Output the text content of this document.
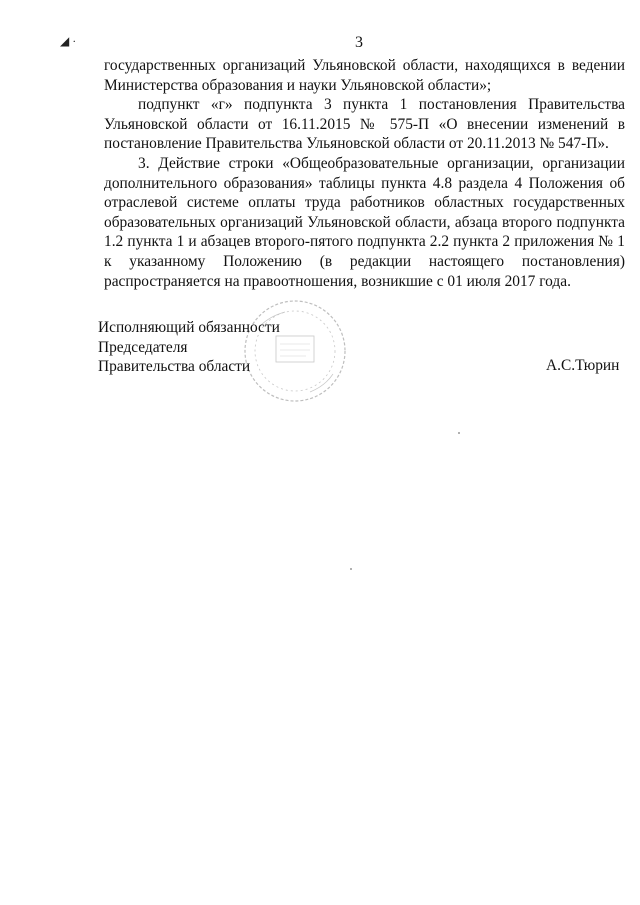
◢ ·	3

государственных организаций Ульяновской области, находящихся в ведении Министерства образования и науки Ульяновской области»;

подпункт «г» подпункта 3 пункта 1 постановления Правительства Ульяновской области от 16.11.2015 № 575-П «О внесении изменений в постановление Правительства Ульяновской области от 20.11.2013 № 547-П».

3. Действие строки «Общеобразовательные организации, организации дополнительного образования» таблицы пункта 4.8 раздела 4 Положения об отраслевой системе оплаты труда работников областных государственных образовательных организаций Ульяновской области, абзаца второго подпункта 1.2 пункта 1 и абзацев второго-пятого подпункта 2.2 пункта 2 приложения № 1 к указанному Положению (в редакции настоящего постановления) распространяется на правоотношения, возникшие с 01 июля 2017 года.

Исполняющий обязанности
Председателя
Правительства области	А.С.Тюрин
